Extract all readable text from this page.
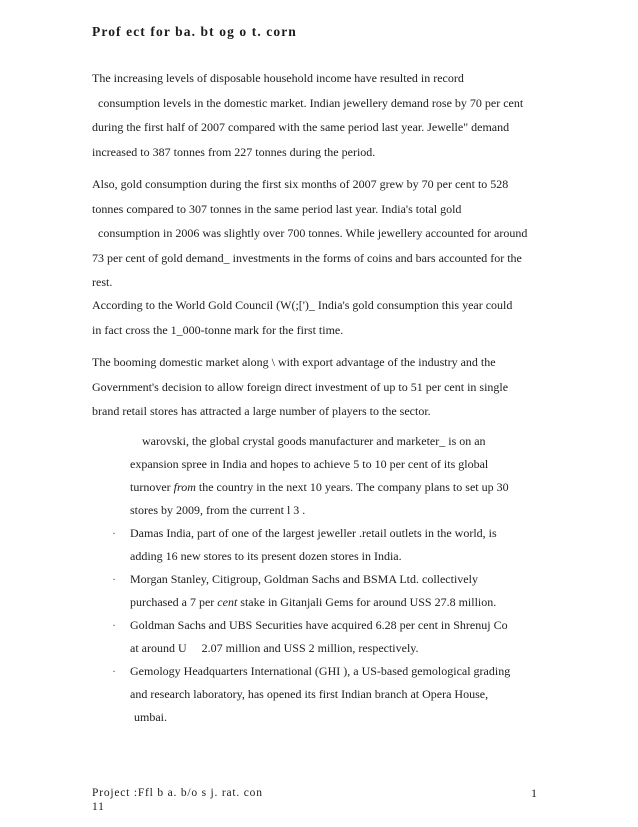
Prof ect for ba. bt og o t. corn

The increasing levels of disposable household income have resulted in record

consumption levels in the domestic market. Indian jewellery demand rose by 70 per cent

during the first half of 2007 compared with the same period last year. Jewelle" demand

increased to 387 tonnes from 227 tonnes during the period.

Also, gold consumption during the first six months of 2007 grew by 70 per cent to 528

tonnes compared to 307 tonnes in the same period last year. India's total gold

consumption in 2006 was slightly over 700 tonnes. While jewellery accounted for around

73 per cent of gold demand_ investments in the forms of coins and bars accounted for the

rest.

According to the World Gold Council (W(;[')_ India's gold consumption this year could

in fact cross the 1_000-tonne mark for the first time.

The booming domestic market along \ with export advantage of the industry and the

Government's decision to allow foreign direct investment of up to 51 per cent in single

brand retail stores has attracted a large number of players to the sector.

warovski, the global crystal goods manufacturer and marketer_ is on an

expansion spree in India and hopes to achieve 5 to 10 per cent of its global

turnover from the country in the next 10 years. The company plans to set up 30

stores by 2009, from the current l 3 .

· Damas India, part of one of the largest jeweller .retail outlets in the world, is

adding 16 new stores to its present dozen stores in India.

· Morgan Stanley, Citigroup, Goldman Sachs and BSMA Ltd. collectively

purchased a 7 per cent stake in Gitanjali Gems for around USS 27.8 million.

· Goldman Sachs and UBS Securities have acquired 6.28 per cent in Shrenuj Co

at around U     2.07 million and USS 2 million, respectively.

· Gemology Headquarters International (GHI ), a US-based gemological grading

and research laboratory, has opened its first Indian branch at Opera House,

umbai.

Project :Ffl b a. b/o s j. rat. con
11
1
